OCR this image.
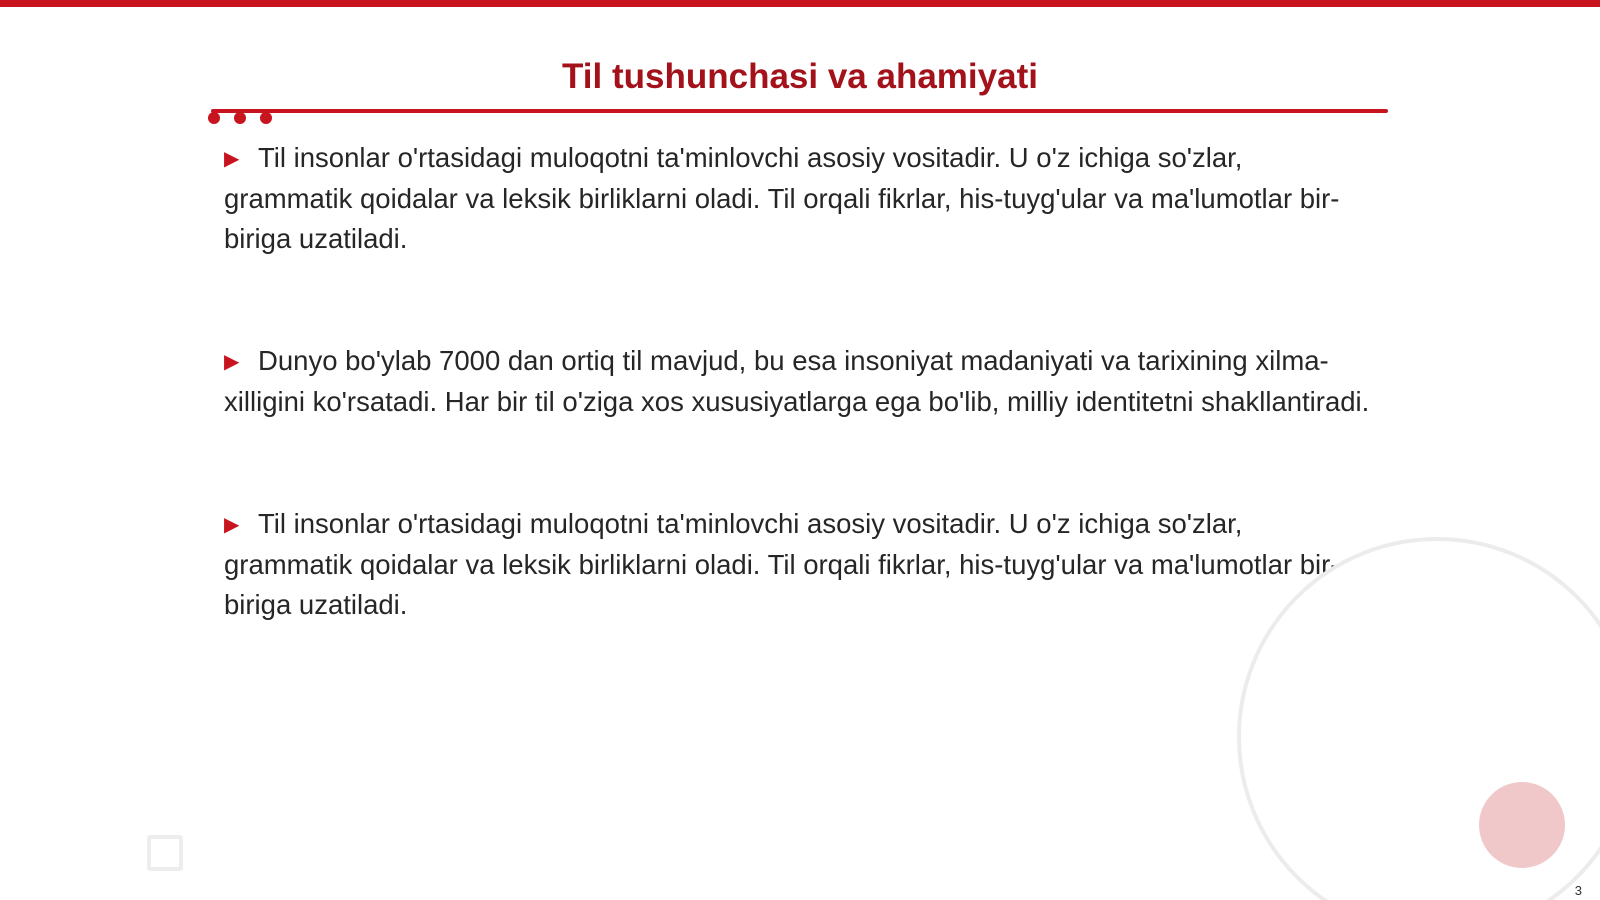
Til tushunchasi va ahamiyati

▶ Til insonlar o'rtasidagi muloqotni ta'minlovchi asosiy vositadir. U o'z ichiga so'zlar, grammatik qoidalar va leksik birliklarni oladi. Til orqali fikrlar, his-tuyg'ular va ma'lumotlar bir-biriga uzatiladi.

▶ Dunyo bo'ylab 7000 dan ortiq til mavjud, bu esa insoniyat madaniyati va tarixining xilma-xilligini ko'rsatadi. Har bir til o'ziga xos xususiyatlarga ega bo'lib, milliy identitetni shakllantiradi.

▶ Til insonlar o'rtasidagi muloqotni ta'minlovchi asosiy vositadir. U o'z ichiga so'zlar, grammatik qoidalar va leksik birliklarni oladi. Til orqali fikrlar, his-tuyg'ular va ma'lumotlar bir-biriga uzatiladi.

3
